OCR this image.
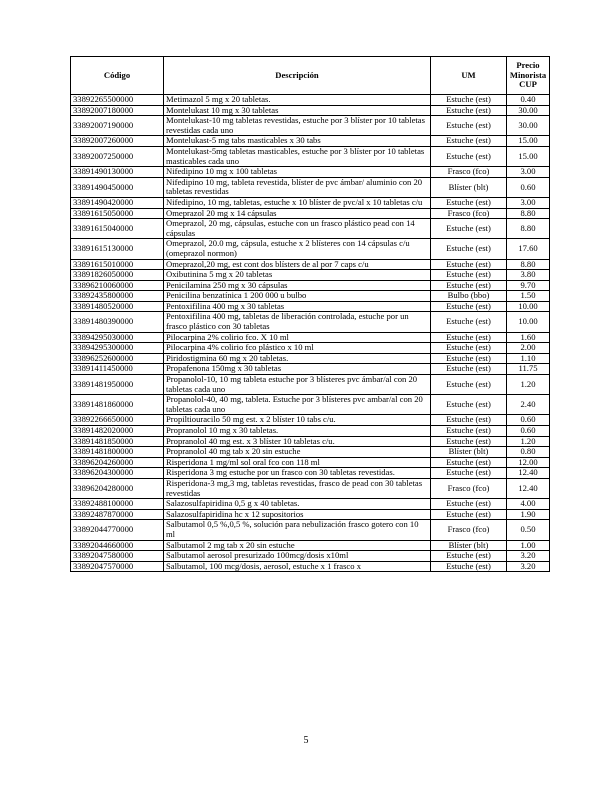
Código	Descripción	UM	Precio Minorista CUP
33892265500000	Metimazol 5 mg x 20 tabletas.	Estuche (est)	0.40
33892007180000	Montelukast 10 mg x 30 tabletas	Estuche (est)	30.00
33892007190000	Montelukast-10 mg tabletas revestidas, estuche por 3 blíster por 10 tabletas revestidas cada uno	Estuche (est)	30.00
33892007260000	Montelukast-5 mg tabs masticables x 30 tabs	Estuche (est)	15.00
33892007250000	Montelukast-5mg tabletas masticables, estuche por 3 blíster por 10 tabletas masticables cada uno	Estuche (est)	15.00
33891490130000	Nifedipino 10 mg x 100 tabletas	Frasco (fco)	3.00
33891490450000	Nifedipino 10 mg, tableta revestida, blíster de pvc ámbar/ aluminio con 20 tabletas revestidas	Blíster (blt)	0.60
33891490420000	Nifedipino, 10 mg, tabletas, estuche x 10 blíster de pvc/al x 10 tabletas c/u	Estuche (est)	3.00
33891615050000	Omeprazol 20 mg x 14 cápsulas	Frasco (fco)	8.80
33891615040000	Omeprazol, 20 mg, cápsulas, estuche con un frasco plástico pead con 14 cápsulas	Estuche (est)	8.80
33891615130000	Omeprazol, 20.0 mg, cápsula, estuche x 2 blísteres con 14 cápsulas c/u (omeprazol normon)	Estuche (est)	17.60
33891615010000	Omeprazol,20 mg, est cont dos blísters de al por 7 caps c/u	Estuche (est)	8.80
33891826050000	Oxibutinina 5 mg x 20 tabletas	Estuche (est)	3.80
33896210060000	Penicilamina 250 mg x 30 cápsulas	Estuche (est)	9.70
33892435800000	Penicilina benzatínica 1 200 000 u bulbo	Bulbo (bbo)	1.50
33891480520000	Pentoxifilina 400 mg x 30 tabletas	Estuche (est)	10.00
33891480390000	Pentoxifilina 400 mg, tabletas de liberación controlada, estuche por un frasco plástico con 30 tabletas	Estuche (est)	10.00
33894295030000	Pilocarpina 2% colirio fco. X 10 ml	Estuche (est)	1.60
33894295300000	Pilocarpina 4% colirio fco plástico x 10 ml	Estuche (est)	2.00
33896252600000	Piridostigmina 60 mg x 20 tabletas.	Estuche (est)	1.10
33891411450000	Propafenona 150mg x 30 tabletas	Estuche (est)	11.75
33891481950000	Propanolol-10, 10 mg tableta estuche por 3 blísteres pvc ámbar/al con 20 tabletas cada uno	Estuche (est)	1.20
33891481860000	Propanolol-40, 40 mg, tableta. Estuche por 3 blísteres pvc ambar/al con 20 tabletas cada uno	Estuche (est)	2.40
33892266650000	Propiltiouracilo 50 mg est. x 2 blíster 10 tabs c/u.	Estuche (est)	0.60
33891482020000	Propranolol 10 mg x 30 tabletas.	Estuche (est)	0.60
33891481850000	Propranolol 40 mg est. x 3 blíster 10 tabletas c/u.	Estuche (est)	1.20
33891481800000	Propranolol 40 mg tab x 20 sin estuche	Blíster (blt)	0.80
33896204260000	Risperidona 1 mg/ml sol oral fco con 118 ml	Estuche (est)	12.00
33896204300000	Risperidona 3 mg estuche por un frasco con 30 tabletas revestidas.	Estuche (est)	12.40
33896204280000	Risperidona-3 mg,3 mg, tabletas revestidas, frasco de pead con 30 tabletas revestidas	Frasco (fco)	12.40
33892488100000	Salazosulfapiridina 0,5 g x 40 tabletas.	Estuche (est)	4.00
33892487870000	Salazosulfapiridina hc x 12 supositorios	Estuche (est)	1.90
33892044770000	Salbutamol 0,5 %,0,5 %, solución para nebulización frasco gotero con 10 ml	Frasco (fco)	0.50
33892044660000	Salbutamol 2 mg tab x 20 sin estuche	Blíster (blt)	1.00
33892047580000	Salbutamol aerosol presurizado 100mcg/dosis x10ml	Estuche (est)	3.20
33892047570000	Salbutamol, 100 mcg/dosis, aerosol, estuche x 1 frasco x	Estuche (est)	3.20
5
